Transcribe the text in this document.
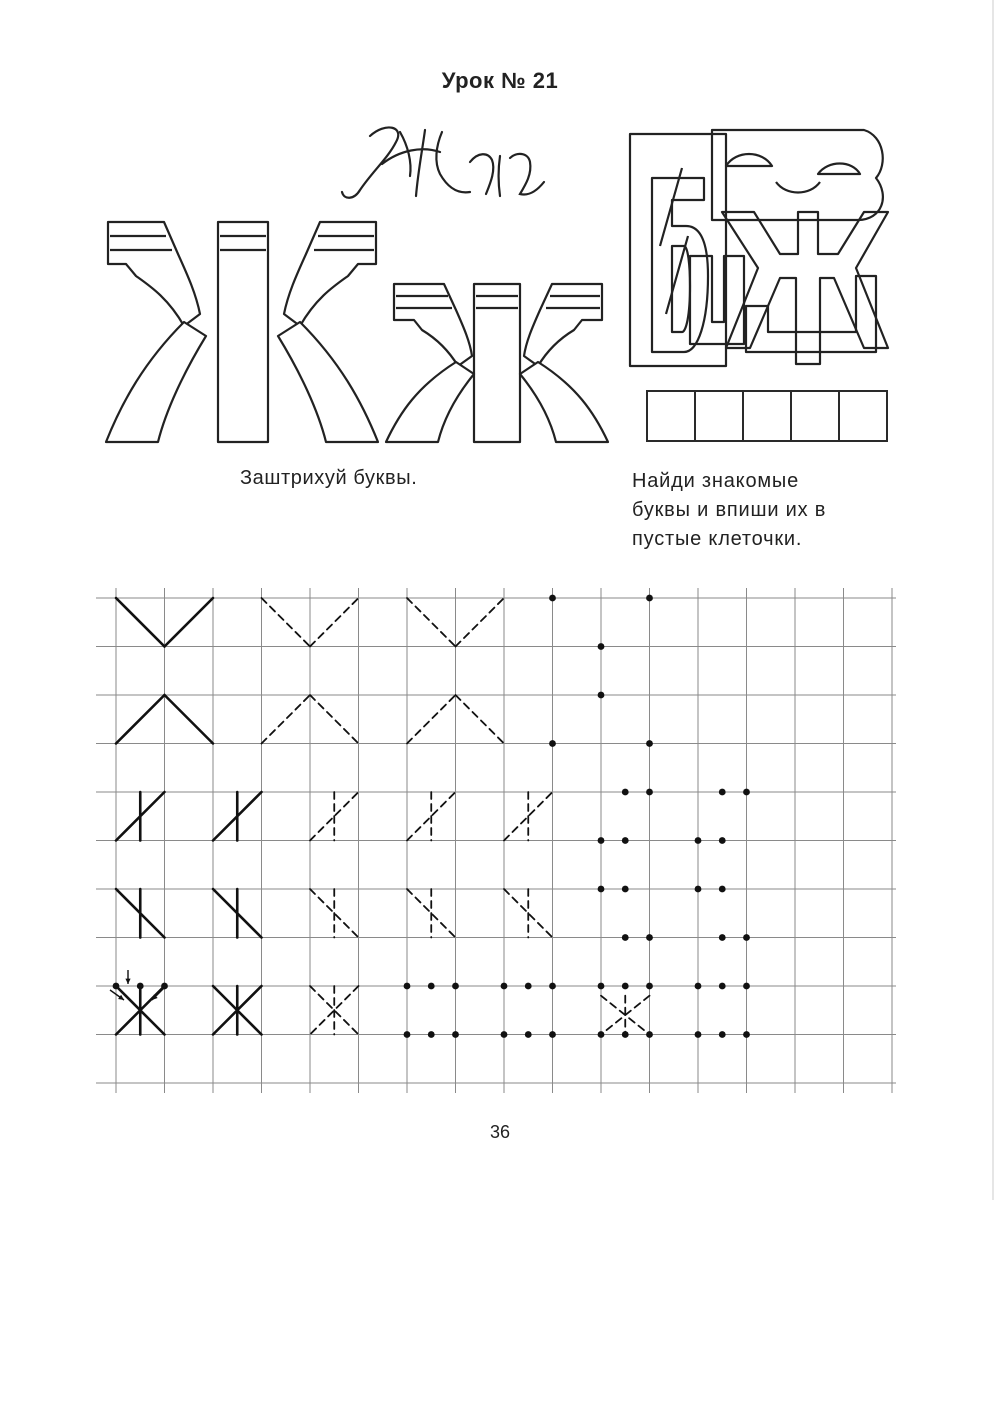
Урок № 21
Заштрихуй буквы.	Найди знакомые
буквы и впиши их в
пустые клеточки.
36
